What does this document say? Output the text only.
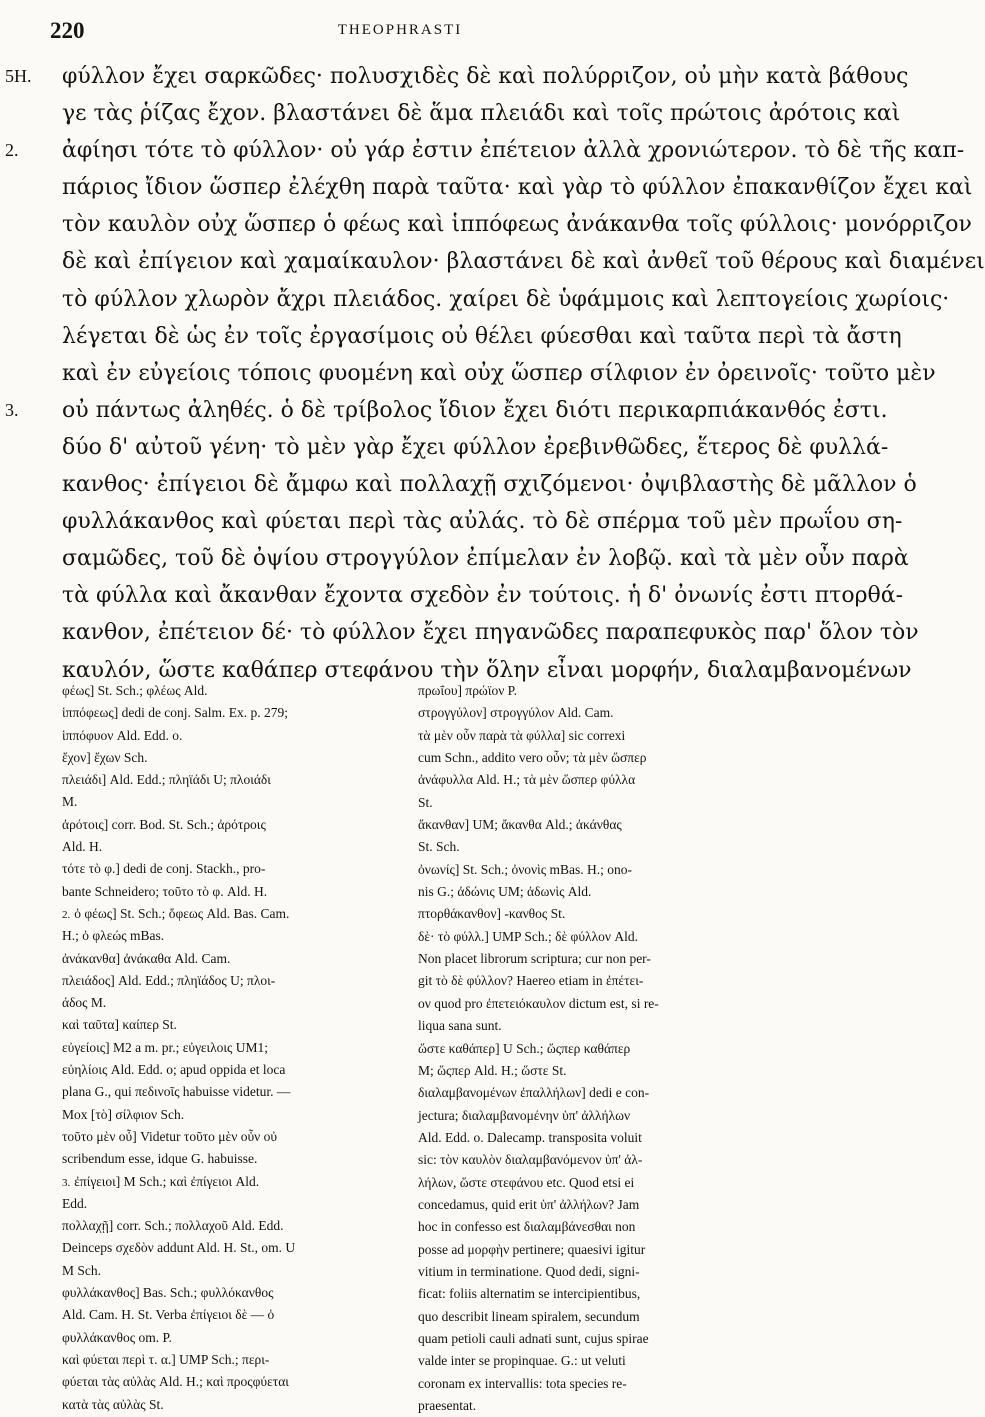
220	THEOPHRASTI
5H. φύλλον ἔχει σαρκῶδες· πολυσχιδὲς δὲ καὶ πολύρριζον, οὐ μὴν κατὰ βάθους
γε τὰς ῥίζας ἔχον. βλαστάνει δὲ ἅμα πλειάδι καὶ τοῖς πρώτοις ἀρότοις καὶ
2. ἀφίησι τότε τὸ φύλλον· οὐ γάρ ἐστιν ἐπέτειον ἀλλὰ χρονιώτερον. τὸ δὲ τῆς καπ-
πάριος ἴδιον ὥσπερ ἐλέχθη παρὰ ταῦτα· καὶ γὰρ τὸ φύλλον ἐπακανθίζον ἔχει καὶ
τὸν καυλὸν οὐχ ὥσπερ ὁ φέως καὶ ἱππόφεως ἀνάκανθα τοῖς φύλλοις· μονόρριζον
δὲ καὶ ἐπίγειον καὶ χαμαίκαυλον· βλαστάνει δὲ καὶ ἀνθεῖ τοῦ θέρους καὶ διαμένει
τὸ φύλλον χλωρὸν ἄχρι πλειάδος. χαίρει δὲ ὑφάμμοις καὶ λεπτογείοις χωρίοις·
λέγεται δὲ ὡς ἐν τοῖς ἐργασίμοις οὐ θέλει φύεσθαι καὶ ταῦτα περὶ τὰ ἄστη
καὶ ἐν εὐγείοις τόποις φυομένη καὶ οὐχ ὥσπερ σίλφιον ἐν ὀρεινοῖς· τοῦτο μὲν
3. οὐ πάντως ἀληθές. ὁ δὲ τρίβολος ἴδιον ἔχει διότι περικαρπιάκανθός ἐστι.
δύο δ' αὐτοῦ γένη· τὸ μὲν γὰρ ἔχει φύλλον ἐρεβινθῶδες, ἕτερος δὲ φυλλά-
κανθος· ἐπίγειοι δὲ ἄμφω καὶ πολλαχῇ σχιζόμενοι· ὀψιβλαστὴς δὲ μᾶλλον ὁ
φυλλάκανθος καὶ φύεται περὶ τὰς αὐλάς. τὸ δὲ σπέρμα τοῦ μὲν πρωΐου ση-
σαμῶδες, τοῦ δὲ ὀψίου στρογγύλον ἐπίμελαν ἐν λοβῷ. καὶ τὰ μὲν οὖν παρὰ
τὰ φύλλα καὶ ἄκανθαν ἔχοντα σχεδὸν ἐν τούτοις. ἡ δ' ὀνωνίς ἐστι πτορθά-
κανθον, ἐπέτειον δέ· τὸ φύλλον ἔχει πηγανῶδες παραπεφυκὸς παρ' ὅλον τὸν
καυλόν, ὥστε καθάπερ στεφάνου τὴν ὅλην εἶναι μορφήν, διαλαμβανομένων
φέως] St. Sch.; φλέως Ald.
ἱππόφεως] dedi de conj. Salm. Ex. p. 279;
ἱππόφυον Ald. Edd. o.
ἔχον] ἔχων Sch.
πλειάδι] Ald. Edd.; πληϊάδι U; πλοιάδι
M.
ἀρότοις] corr. Bod. St. Sch.; ἀρότροις
Ald. H.
τότε τὸ φ.] dedi de conj. Stackh., pro-
bante Schneidero; τοῦτο τὸ φ. Ald. H.
2. ὁ φέως] St. Sch.; ὄφεως Ald. Bas. Cam.
H.; ὁ φλεώς mBas.
ἀνάκανθα] ἀνάκαθα Ald. Cam.
πλειάδος] Ald. Edd.; πληϊάδος U; πλοι-
άδος M.
καὶ ταῦτα] καίπερ St.
εὐγείοις] M2 a m. pr.; εὐγειλοις UM1;
εὐηλίοις Ald. Edd. o; apud oppida et loca
plana G., qui πεδινοῖς habuisse videtur. —
Mox [τὸ] σίλφιον Sch.
τοῦτο μὲν οὖ] Videtur τοῦτο μὲν οὖν οὐ
scribendum esse, idque G. habuisse.
3. ἐπίγειοι] M Sch.; καὶ ἐπίγειοι Ald.
Edd.
πολλαχῇ] corr. Sch.; πολλαχοῦ Ald. Edd.
Deinceps σχεδὸν addunt Ald. H. St., om. U
M Sch.
φυλλάκανθος] Bas. Sch.; φυλλόκανθος
Ald. Cam. H. St. Verba ἐπίγειοι δὲ — ὁ
φυλλάκανθος om. P.
καὶ φύεται περὶ τ. α.] UMP Sch.; περι-
φύεται τὰς αὐλὰς Ald. H.; καὶ προςφύεται
κατὰ τὰς αὐλὰς St.
πρωΐου] πρώϊον P.
στρογγύλον] στρογγύλον Ald. Cam.
τὰ μὲν οὖν παρὰ τὰ φύλλα] sic correxi
cum Schn., addito vero οὖν; τὰ μὲν ὥσπερ
ἀνάφυλλα Ald. H.; τὰ μὲν ὥσπερ φύλλα
St.
ἄκανθαν] UM; ἄκανθα Ald.; ἀκάνθας
St. Sch.
ὀνωνίς] St. Sch.; ὀνονὶς mBas. H.; ono-
nis G.; ἀδώνις UM; ἀδωνὶς Ald.
πτορθάκανθον] -κανθος St.
δὲ· τὸ φύλλ.] UMP Sch.; δὲ φύλλον Ald.
Non placet librorum scriptura; cur non per-
git τὸ δὲ φύλλον? Haereo etiam in ἐπέτει-
ον quod pro ἐπετειόκαυλον dictum est, si re-
liqua sana sunt.
ὥστε καθάπερ] U Sch.; ὥςπερ καθάπερ
M; ὥςπερ Ald. H.; ὥστε St.
διαλαμβανομένων ἐπαλλήλων] dedi e con-
jectura; διαλαμβανομένην ὑπ' ἀλλήλων
Ald. Edd. o. Dalecamp. transposita voluit
sic: τὸν καυλὸν διαλαμβανόμενον ὑπ' ἀλ-
λήλων, ὥστε στεφάνου etc. Quod etsi ei
concedamus, quid erit ὑπ' ἀλλήλων? Jam
hoc in confesso est διαλαμβάνεσθαι non
posse ad μορφὴν pertinere; quaesivi igitur
vitium in terminatione. Quod dedi, signi-
ficat: foliis alternatim se intercipientibus,
quo describit lineam spiralem, secundum
quam petioli cauli adnati sunt, cujus spirae
valde inter se propinquae. G.: ut veluti
coronam ex intervallis: tota species re-
praesentat.
